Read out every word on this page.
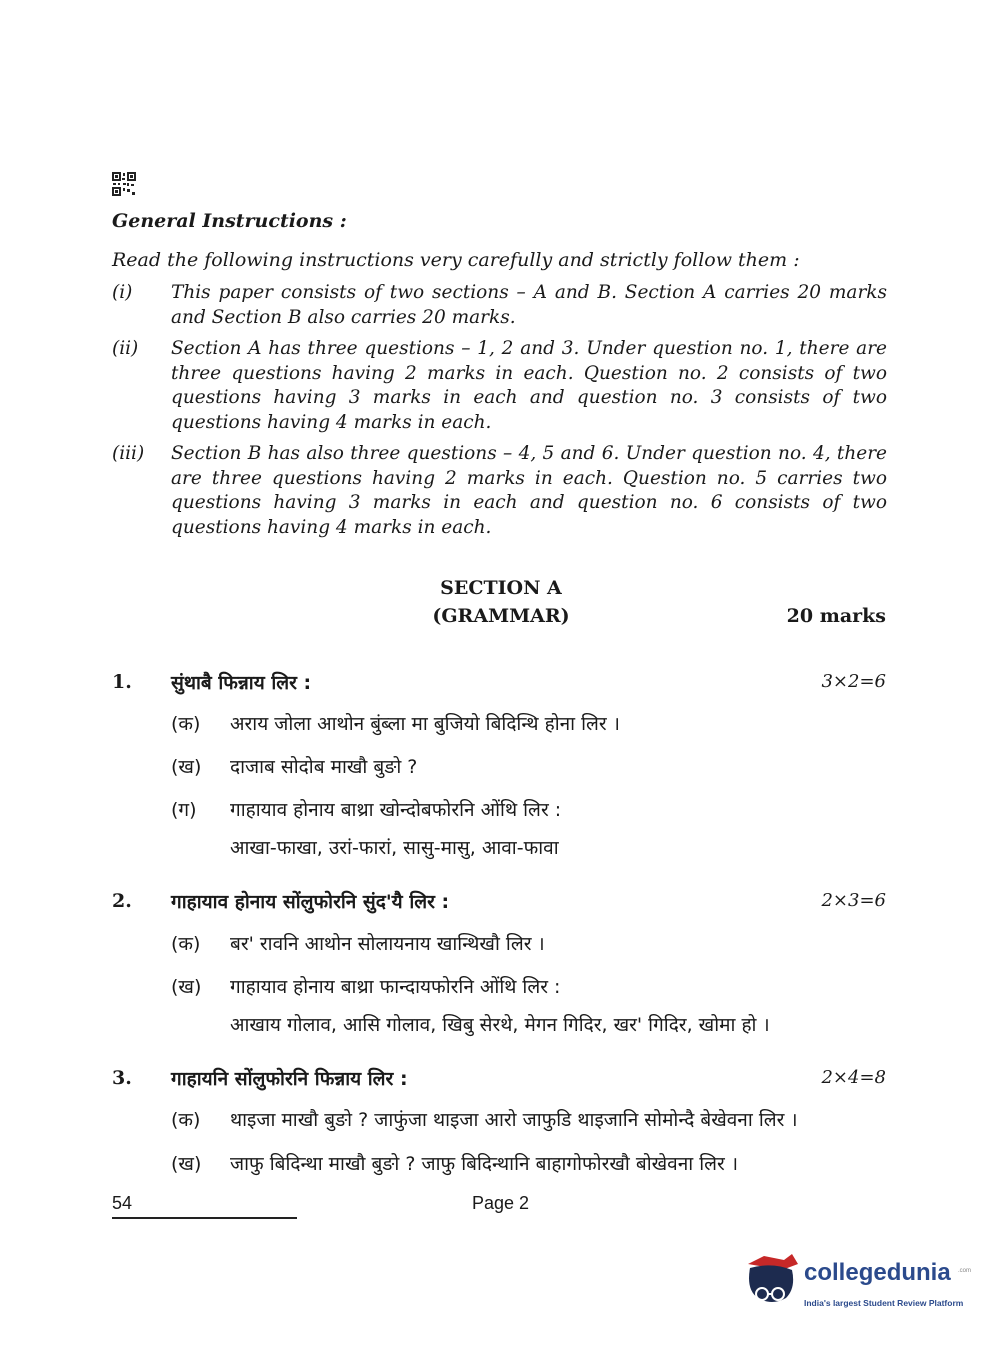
General Instructions :
Read the following instructions very carefully and strictly follow them :
(i) This paper consists of two sections – A and B. Section A carries 20 marks and Section B also carries 20 marks.
(ii) Section A has three questions – 1, 2 and 3. Under question no. 1, there are three questions having 2 marks in each. Question no. 2 consists of two questions having 3 marks in each and question no. 3 consists of two questions having 4 marks in each.
(iii) Section B has also three questions – 4, 5 and 6. Under question no. 4, there are three questions having 2 marks in each. Question no. 5 carries two questions having 3 marks in each and question no. 6 consists of two questions having 4 marks in each.
SECTION A
(GRAMMAR)	20 marks
1. सुंथाबै फिन्नाय लिर :	3×2=6
(क) अराय जोला आथोन बुंब्ला मा बुजियो बिदिन्थि होना लिर ।
(ख) दाजाब सोदोब माखौ बुङो ?
(ग) गाहायाव होनाय बाथ्रा खोन्दोबफोरनि ओंथि लिर :
आखा-फाखा, उरां-फारां, सासु-मासु, आवा-फावा
2. गाहायाव होनाय सोंलुफोरनि सुंद'यै लिर :	2×3=6
(क) बर' रावनि आथोन सोलायनाय खान्थिखौ लिर ।
(ख) गाहायाव होनाय बाथ्रा फान्दायफोरनि ओंथि लिर :
आखाय गोलाव, आसि गोलाव, खिबु सेरथे, मेगन गिदिर, खर' गिदिर, खोमा हो ।
3. गाहायनि सोंलुफोरनि फिन्नाय लिर :	2×4=8
(क) थाइजा माखौ बुङो ? जाफुंजा थाइजा आरो जाफुडि थाइजानि सोमोन्दै बेखेवना लिर ।
(ख) जाफु बिदिन्था माखौ बुङो ? जाफु बिदिन्थानि बाहागोफोरखौ बोखेवना लिर ।
54	Page 2
collegedunia .com
India's largest Student Review Platform
